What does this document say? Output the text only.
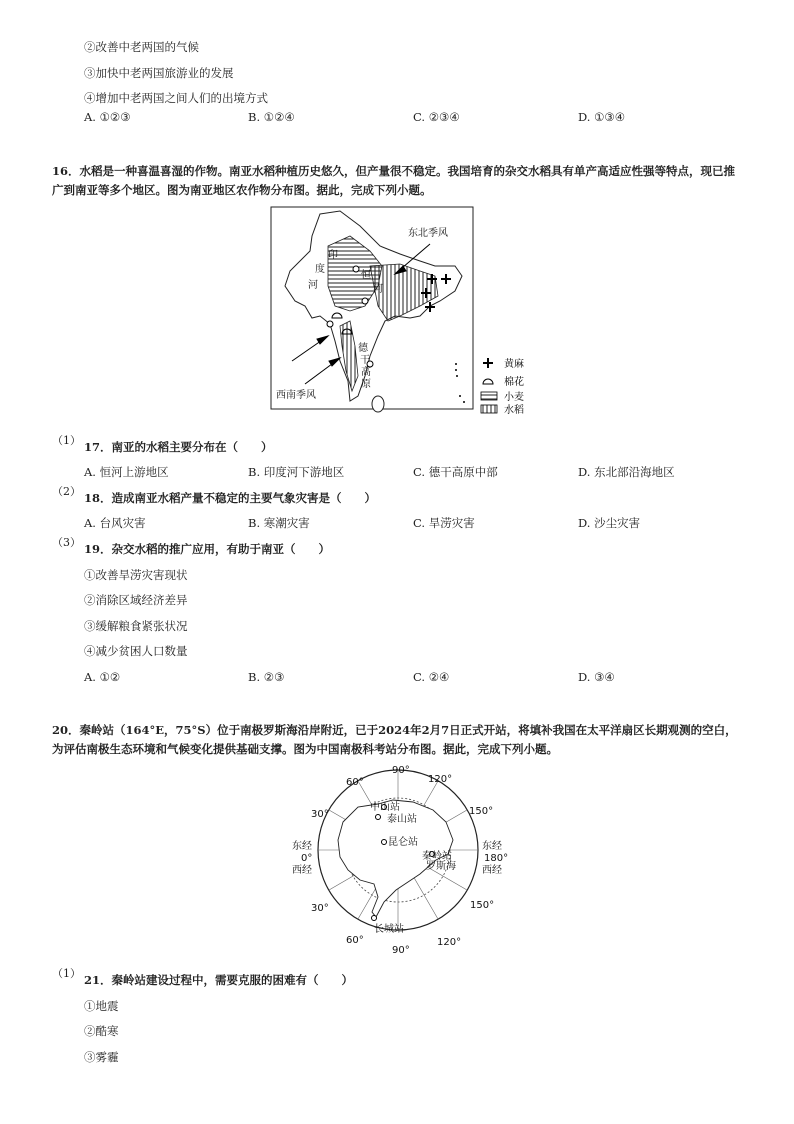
②改善中老两国的气候
③加快中老两国旅游业的发展
④增加中老两国之间人们的出境方式
A. ①②③	B. ①②④	C. ②③④	D. ①③④
16．水稻是一种喜温喜湿的作物。南亚水稻种植历史悠久，但产量很不稳定。我国培育的杂交水稻具有单产高适应性强等特点，现已推广到南亚等多个地区。图为南亚地区农作物分布图。据此，完成下列小题。
印
度
河
恒
河
德
干
高
原
东北季风
西南季风
黄麻
棉花
小麦
水稻
（1） 17．南亚的水稻主要分布在（　　）
A. 恒河上游地区	B. 印度河下游地区	C. 德干高原中部	D. 东北部沿海地区
（2） 18．造成南亚水稻产量不稳定的主要气象灾害是（　　）
A. 台风灾害	B. 寒潮灾害	C. 旱涝灾害	D. 沙尘灾害
（3） 19．杂交水稻的推广应用，有助于南亚（　　）
①改善旱涝灾害现状
②消除区域经济差异
③缓解粮食紧张状况
④减少贫困人口数量
A. ①②	B. ②③	C. ②④	D. ③④
20．秦岭站（164°E，75°S）位于南极罗斯海沿岸附近，已于2024年2月7日正式开站，将填补我国在太平洋扇区长期观测的空白，为评估南极生态环境和气候变化提供基础支撑。图为中国南极科考站分布图。据此，完成下列小题。
90°
60°	120°
30°	150°
0°	180°
30°	150°
60°
90°
120°
东经
西经
东经
西经
中山站
泰山站
昆仑站
秦岭站
罗斯海
长城站
（1） 21．秦岭站建设过程中，需要克服的困难有（　　）
①地震
②酷寒
③雾霾
